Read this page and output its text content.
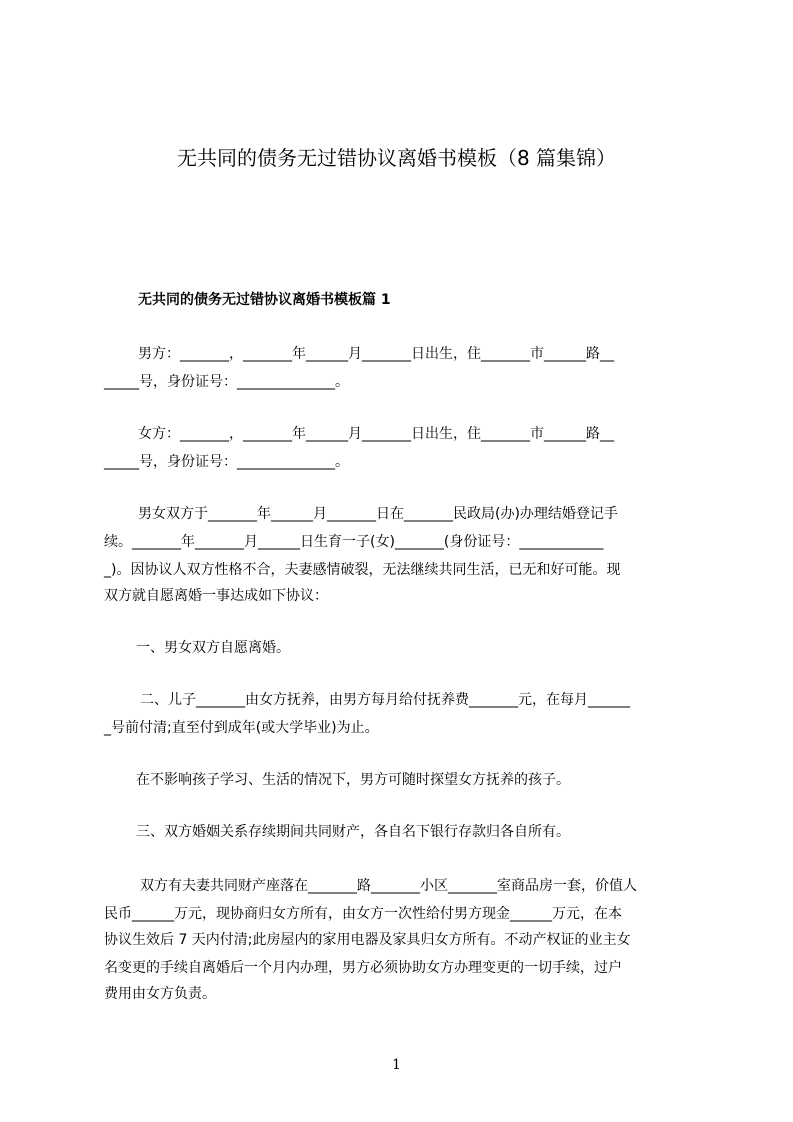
无共同的债务无过错协议离婚书模板（8 篇集锦）
无共同的债务无过错协议离婚书模板篇 1
男方：_______，_______年______月_______日出生，住_______市______路__
_____号，身份证号：______________。
女方：_______，_______年______月_______日出生，住_______市______路__
_____号，身份证号：______________。
男女双方于_______年______月_______日在_______民政局(办)办理结婚登记手
续。_______年_______月______日生育一子(女)_______(身份证号：____________
_)。因协议人双方性格不合，夫妻感情破裂，无法继续共同生活，已无和好可能。现
双方就自愿离婚一事达成如下协议：
一、男女双方自愿离婚。
二、儿子_______由女方抚养，由男方每月给付抚养费_______元，在每月______
_号前付清;直至付到成年(或大学毕业)为止。
在不影响孩子学习、生活的情况下，男方可随时探望女方抚养的孩子。
三、双方婚姻关系存续期间共同财产，各自名下银行存款归各自所有。
双方有夫妻共同财产座落在_______路_______小区_______室商品房一套，价值人
民币______万元，现协商归女方所有，由女方一次性给付男方现金______万元，在本
协议生效后 7 天内付清;此房屋内的家用电器及家具归女方所有。不动产权证的业主女
名变更的手续自离婚后一个月内办理，男方必须协助女方办理变更的一切手续，过户
费用由女方负责。
1
